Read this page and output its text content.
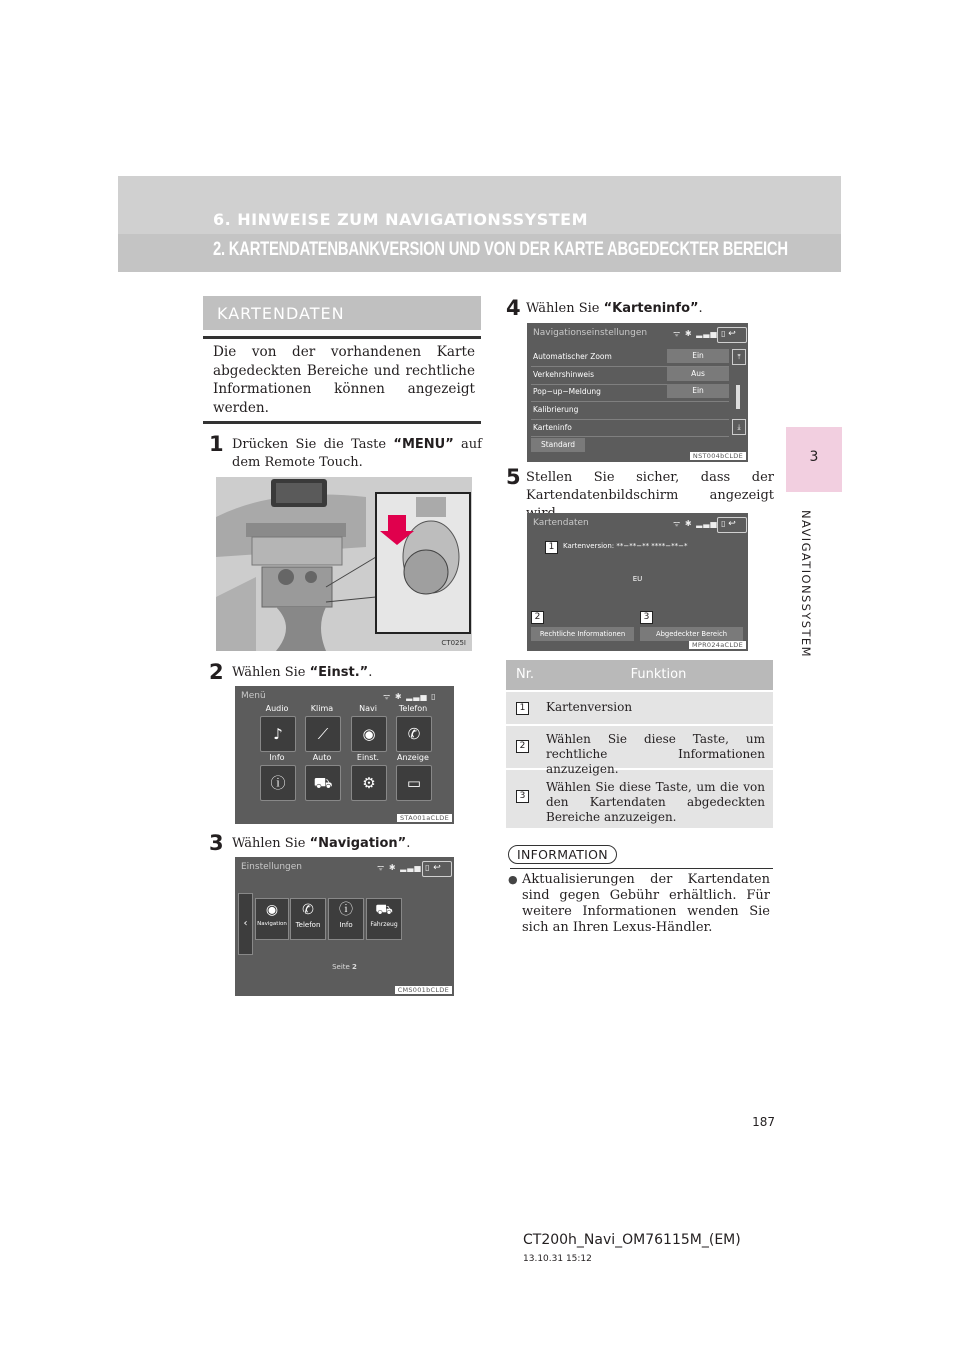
6. HINWEISE ZUM NAVIGATIONSSYSTEM
2. KARTENDATENBANKVERSION UND VON DER KARTE ABGEDECKTER BEREICH
3
NAVIGATIONSSYSTEM
KARTENDATEN
Die von der vorhandenen Karte abgedeckten Bereiche und rechtliche Informationen können angezeigt werden.
1 Drücken Sie die Taste “MENU” auf dem Remote Touch.
CT025I
2 Wählen Sie “Einst.”.
Menü	ᯤ ✱ ▂▃▅ ▯
Audio	Klima	Navi	Telefon
♪	⟋	◉	✆
Info	Auto	Einst.	Anzeige
ⓘ	⛟	⚙	▭
STA001aCLDE
3 Wählen Sie “Navigation”.
Einstellungen	ᯤ ✱ ▂▃▅ ▯ ↩
‹
◉
Navigation
✆
Telefon
ⓘ
Info
⛟
Fahrzeug
Seite 2
CMS001bCLDE
4 Wählen Sie “Karteninfo”.
Navigationseinstellungen	ᯤ ✱ ▂▃▅ ▯ ↩
Automatischer Zoom	Ein
Verkehrshinweis	Aus
Pop−up−Meldung	Ein
Kalibrierung
Karteninfo
⤒
⤓
Standard
NST004bCLDE
5 Stellen Sie sicher, dass der Kartendatenbildschirm angezeigt
Kartendaten	ᯤ ✱ ▂▃▅ ▯ ↩
1	Kartenversion: **−**−** ****−**−*
EU
2	3
Rechtliche Informationen	Abgedeckter Bereich
MPR024aCLDE
Nr.	Funktion
1	Kartenversion
2	Wählen Sie diese Taste, um rechtliche Informationen anzuzeigen.
3
Wählen Sie diese Taste, um die von den Kartendaten abgedeckten Bereiche anzuzeigen.
INFORMATION
● Aktualisierungen der Kartendaten sind gegen Gebühr erhältlich. Für weitere Informationen wenden Sie sich an Ihren Lexus-Händler.
187
CT200h_Navi_OM76115M_(EM)
13.10.31 15:12
